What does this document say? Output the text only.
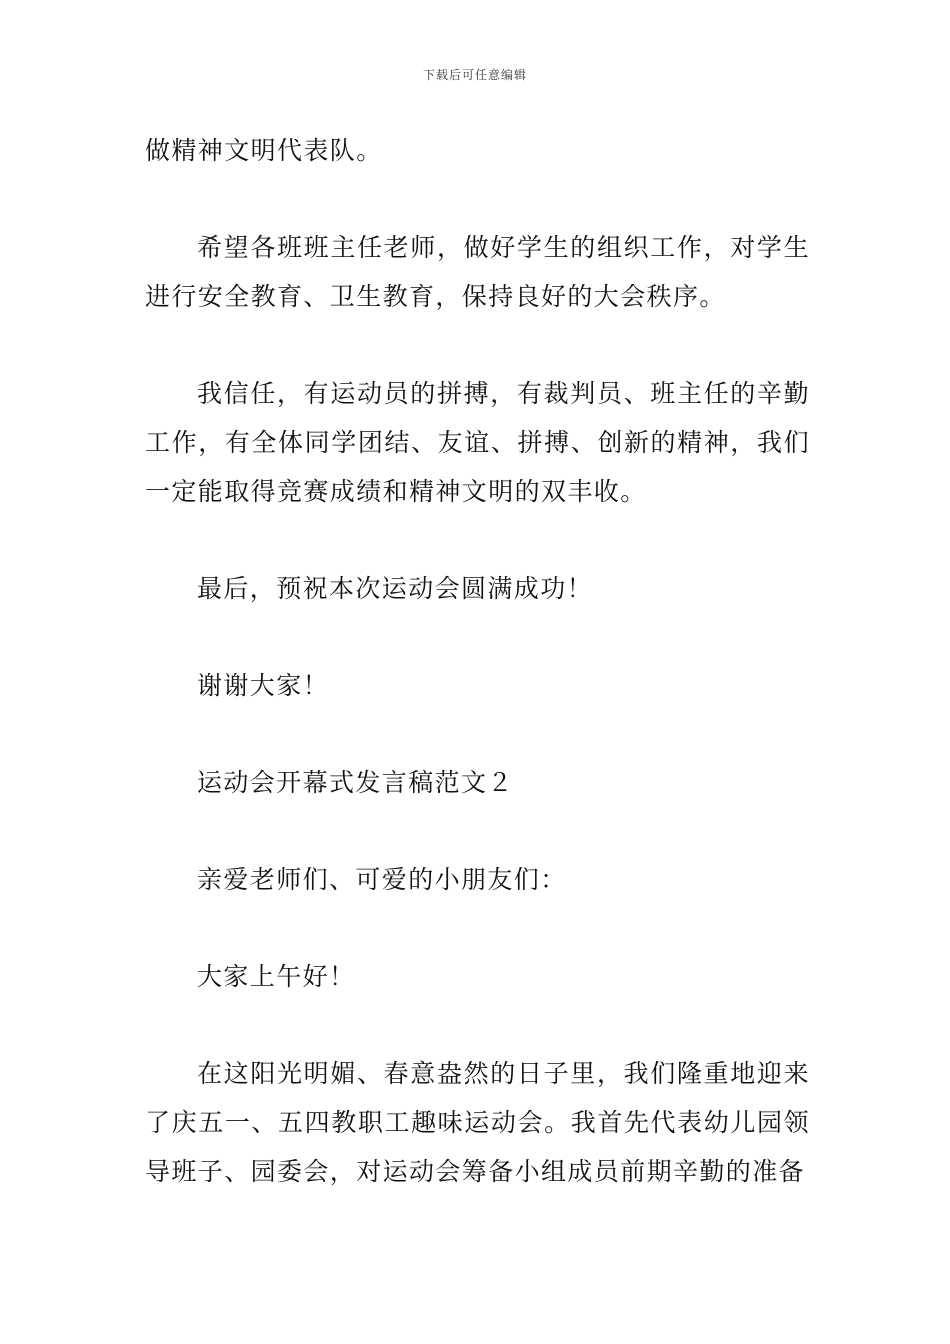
下载后可任意编辑

做精神文明代表队。

希望各班班主任老师，做好学生的组织工作，对学生进行安全教育、卫生教育，保持良好的大会秩序。

我信任，有运动员的拼搏，有裁判员、班主任的辛勤工作，有全体同学团结、友谊、拼搏、创新的精神，我们一定能取得竞赛成绩和精神文明的双丰收。

最后，预祝本次运动会圆满成功！

谢谢大家！

运动会开幕式发言稿范文２

亲爱老师们、可爱的小朋友们：

大家上午好！

在这阳光明媚、春意盎然的日子里，我们隆重地迎来了庆五一、五四教职工趣味运动会。我首先代表幼儿园领导班子、园委会，对运动会筹备小组成员前期辛勤的准备
